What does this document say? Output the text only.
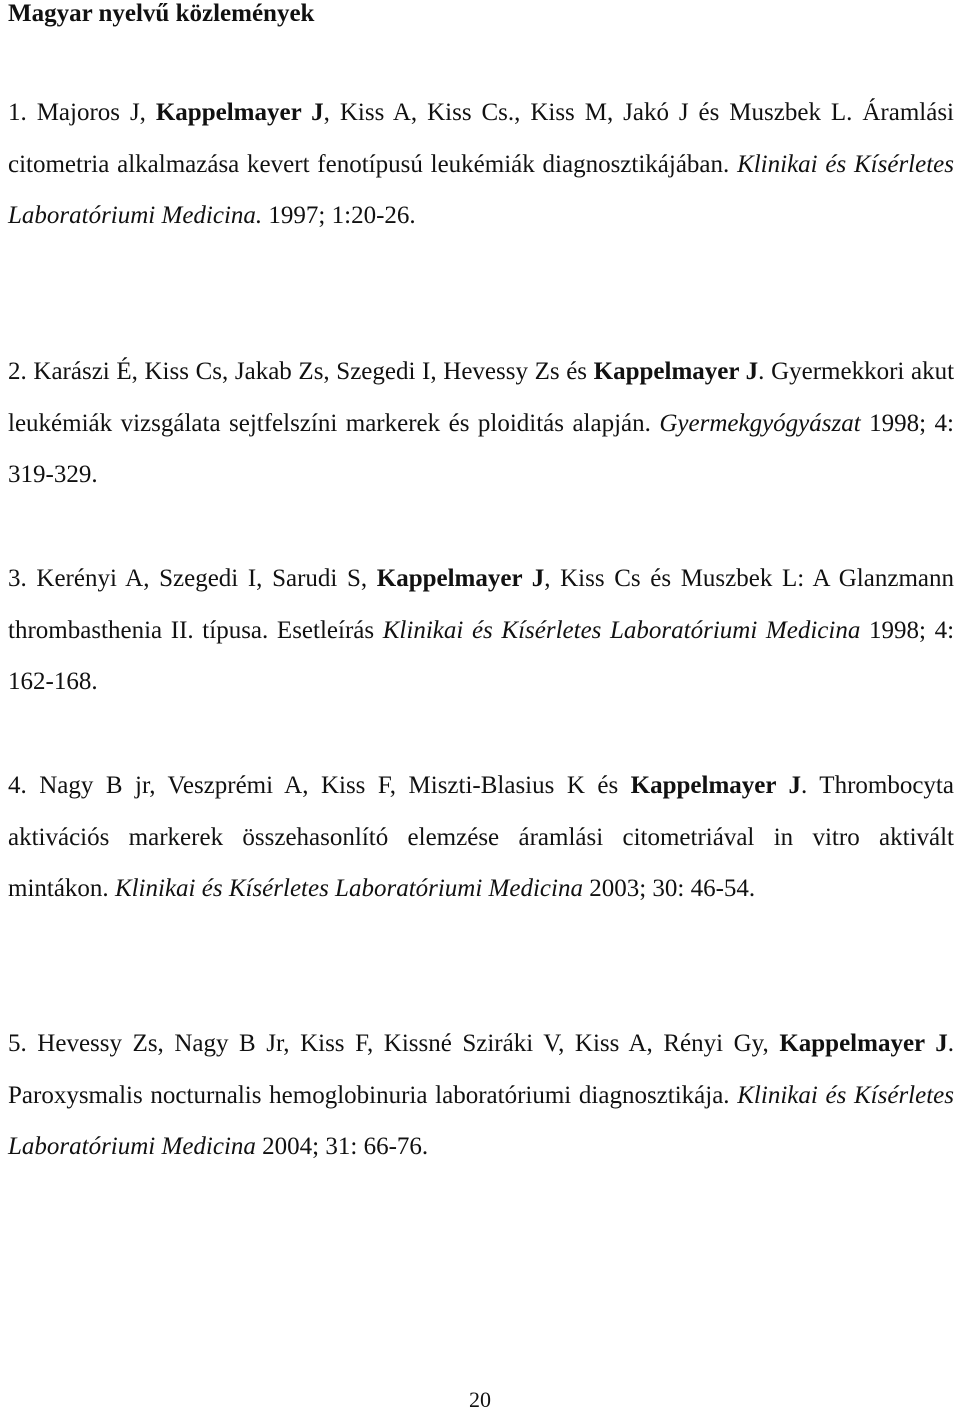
Magyar nyelvű közlemények

1. Majoros J, Kappelmayer J, Kiss A, Kiss Cs., Kiss M, Jakó J és Muszbek L. Áramlási citometria alkalmazása kevert fenotípusú leukémiák diagnosztikájában. Klinikai és Kísérletes Laboratóriumi Medicina. 1997; 1:20-26.

2. Karászi É, Kiss Cs, Jakab Zs, Szegedi I, Hevessy Zs és Kappelmayer J. Gyermekkori akut leukémiák vizsgálata sejtfelszíni markerek és ploiditás alapján. Gyermekgyógyászat 1998; 4: 319-329.

3. Kerényi A, Szegedi I, Sarudi S, Kappelmayer J, Kiss Cs és Muszbek L: A Glanzmann thrombasthenia II. típusa. Esetleírás Klinikai és Kísérletes Laboratóriumi Medicina 1998; 4: 162-168.

4. Nagy B jr, Veszprémi A, Kiss F, Miszti-Blasius K és Kappelmayer J. Thrombocyta aktivációs markerek összehasonlító elemzése áramlási citometriával in vitro aktivált mintákon. Klinikai és Kísérletes Laboratóriumi Medicina 2003; 30: 46-54.

5. Hevessy Zs, Nagy B Jr, Kiss F, Kissné Sziráki V, Kiss A, Rényi Gy, Kappelmayer J. Paroxysmalis nocturnalis hemoglobinuria laboratóriumi diagnosztikája. Klinikai és Kísérletes Laboratóriumi Medicina 2004; 31: 66-76.

20
